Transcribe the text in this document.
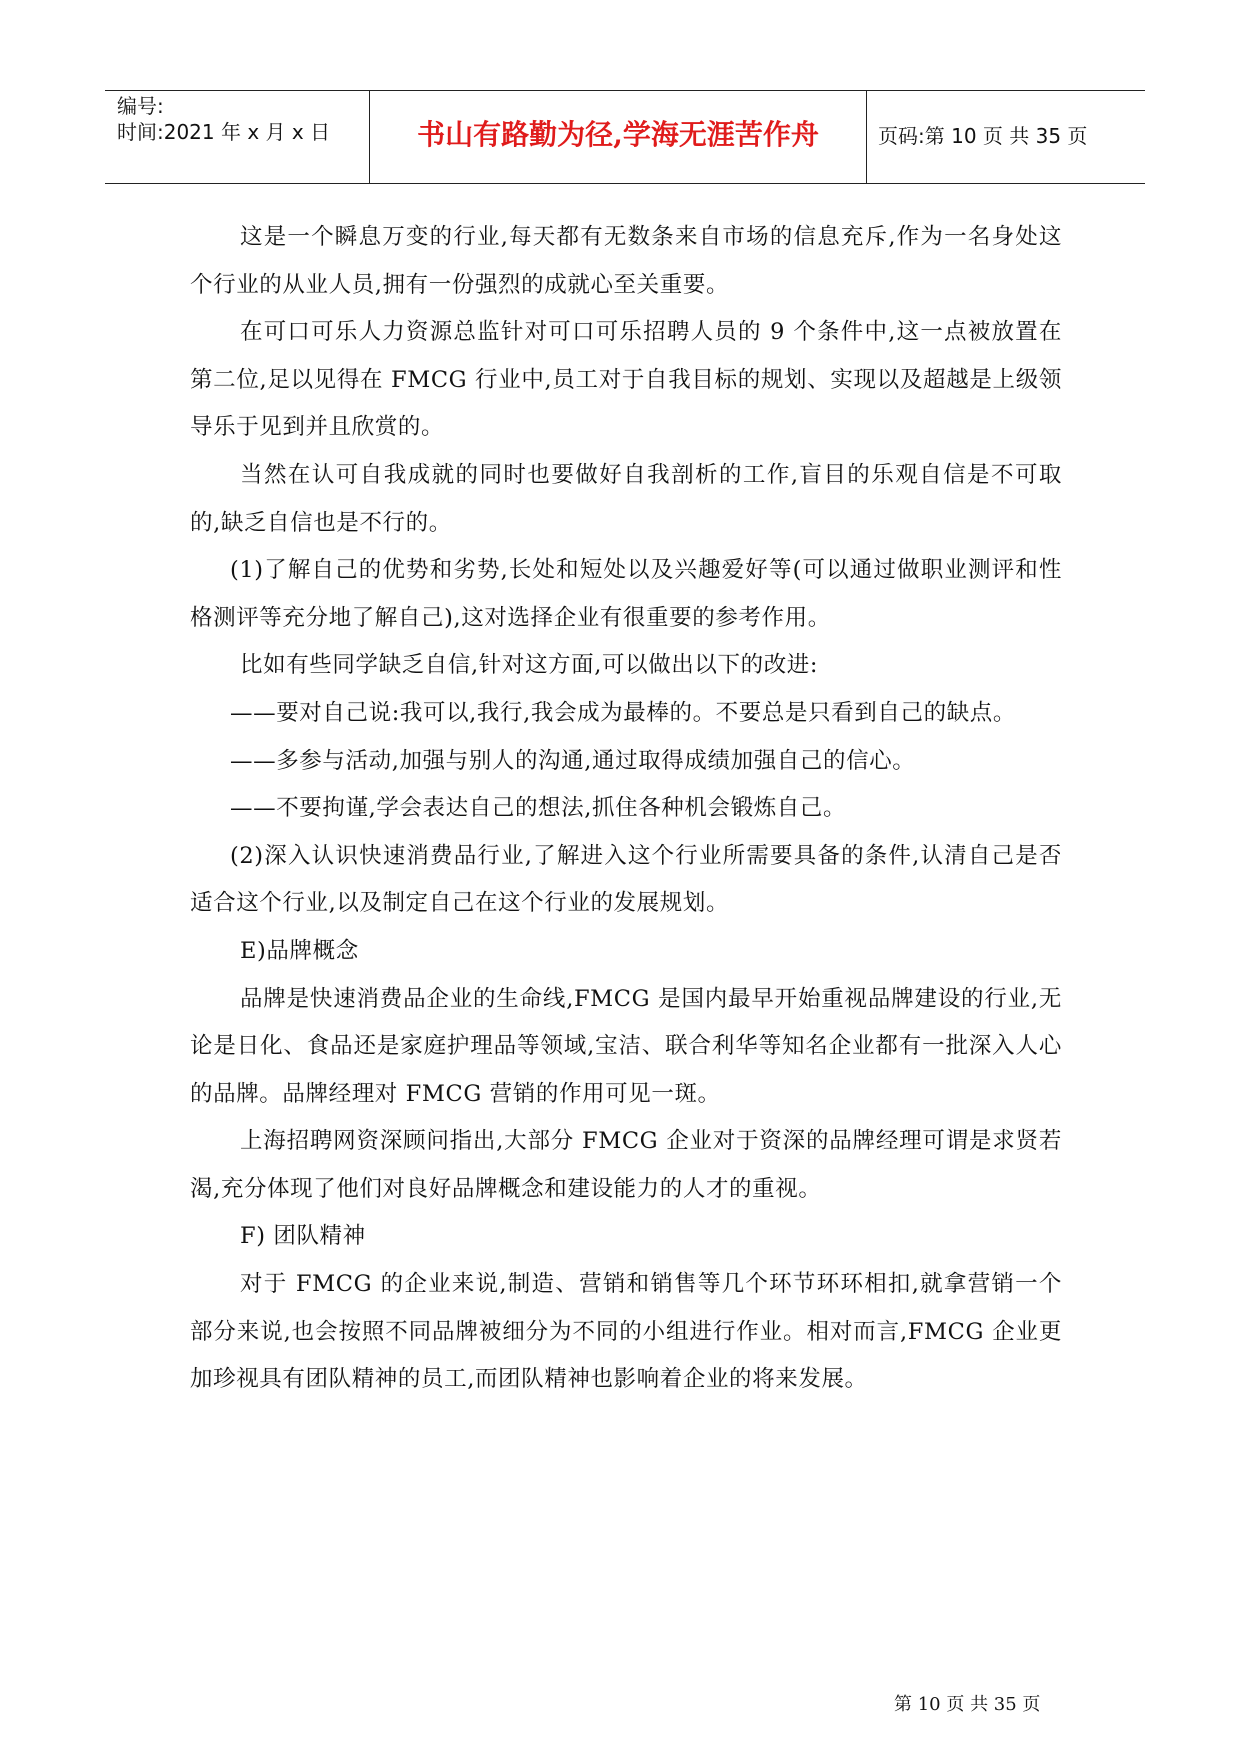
编号:
时间:2021 年 x 月 x 日	书山有路勤为径,学海无涯苦作舟	页码:第 10 页 共 35 页

这是一个瞬息万变的行业,每天都有无数条来自市场的信息充斥,作为一名身处这个行业的从业人员,拥有一份强烈的成就心至关重要。

在可口可乐人力资源总监针对可口可乐招聘人员的 9 个条件中,这一点被放置在第二位,足以见得在 FMCG 行业中,员工对于自我目标的规划、实现以及超越是上级领导乐于见到并且欣赏的。

当然在认可自我成就的同时也要做好自我剖析的工作,盲目的乐观自信是不可取的,缺乏自信也是不行的。

(1)了解自己的优势和劣势,长处和短处以及兴趣爱好等(可以通过做职业测评和性格测评等充分地了解自己),这对选择企业有很重要的参考作用。

比如有些同学缺乏自信,针对这方面,可以做出以下的改进:

——要对自己说:我可以,我行,我会成为最棒的。不要总是只看到自己的缺点。

——多参与活动,加强与别人的沟通,通过取得成绩加强自己的信心。

——不要拘谨,学会表达自己的想法,抓住各种机会锻炼自己。

(2)深入认识快速消费品行业,了解进入这个行业所需要具备的条件,认清自己是否适合这个行业,以及制定自己在这个行业的发展规划。

E)品牌概念

品牌是快速消费品企业的生命线,FMCG 是国内最早开始重视品牌建设的行业,无论是日化、食品还是家庭护理品等领域,宝洁、联合利华等知名企业都有一批深入人心的品牌。品牌经理对 FMCG 营销的作用可见一斑。

上海招聘网资深顾问指出,大部分 FMCG 企业对于资深的品牌经理可谓是求贤若渴,充分体现了他们对良好品牌概念和建设能力的人才的重视。

F) 团队精神

对于 FMCG 的企业来说,制造、营销和销售等几个环节环环相扣,就拿营销一个部分来说,也会按照不同品牌被细分为不同的小组进行作业。相对而言,FMCG 企业更加珍视具有团队精神的员工,而团队精神也影响着企业的将来发展。

第 10 页 共 35 页
